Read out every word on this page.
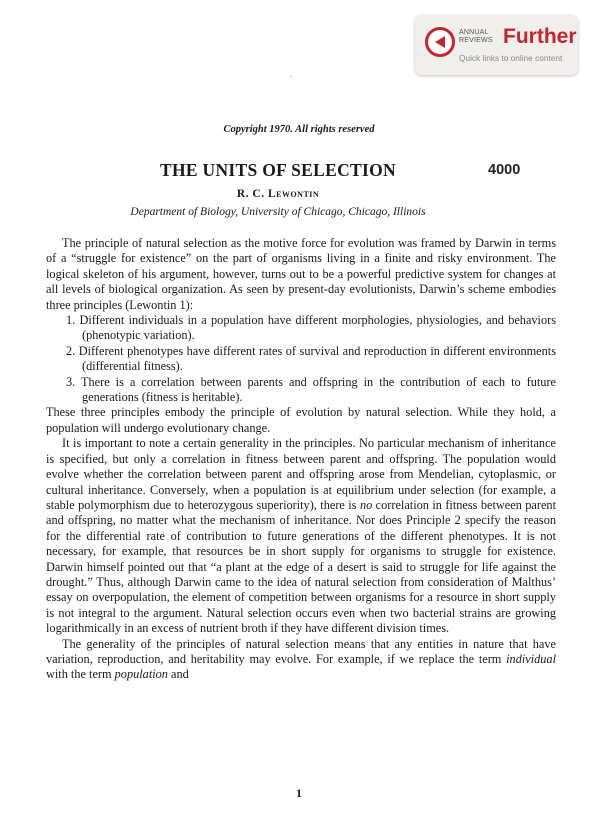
ANNUAL
REVIEWS Further
Quick links to online content
Copyright 1970. All rights reserved
THE UNITS OF SELECTION	4000
R. C. Lewontin
Department of Biology, University of Chicago, Chicago, Illinois

The principle of natural selection as the motive force for evolution was framed by Darwin in terms of a “struggle for existence” on the part of organisms living in a finite and risky environment. The logical skeleton of his argument, however, turns out to be a powerful predictive system for changes at all levels of biological organization. As seen by present-day evolutionists, Darwin’s scheme embodies three principles (Lewontin 1):

1. Different individuals in a population have different morphologies, physiologies, and behaviors (phenotypic variation).
2. Different phenotypes have different rates of survival and reproduction in different environments (differential fitness).
3. There is a correlation between parents and offspring in the contribution of each to future generations (fitness is heritable).

These three principles embody the principle of evolution by natural selection. While they hold, a population will undergo evolutionary change.

It is important to note a certain generality in the principles. No particular mechanism of inheritance is specified, but only a correlation in fitness between parent and offspring. The population would evolve whether the correlation between parent and offspring arose from Mendelian, cytoplasmic, or cultural inheritance. Conversely, when a population is at equilibrium under selection (for example, a stable polymorphism due to heterozygous superiority), there is no correlation in fitness between parent and offspring, no matter what the mechanism of inheritance. Nor does Principle 2 specify the reason for the differential rate of contribution to future generations of the different phenotypes. It is not necessary, for example, that resources be in short supply for organisms to struggle for existence. Darwin himself pointed out that “a plant at the edge of a desert is said to struggle for life against the drought.” Thus, although Darwin came to the idea of natural selection from consideration of Malthus’ essay on overpopulation, the element of competition between organisms for a resource in short supply is not integral to the argument. Natural selection occurs even when two bacterial strains are growing logarithmically in an excess of nutrient broth if they have different division times.

The generality of the principles of natural selection means that any entities in nature that have variation, reproduction, and heritability may evolve. For example, if we replace the term individual with the term population and

1
